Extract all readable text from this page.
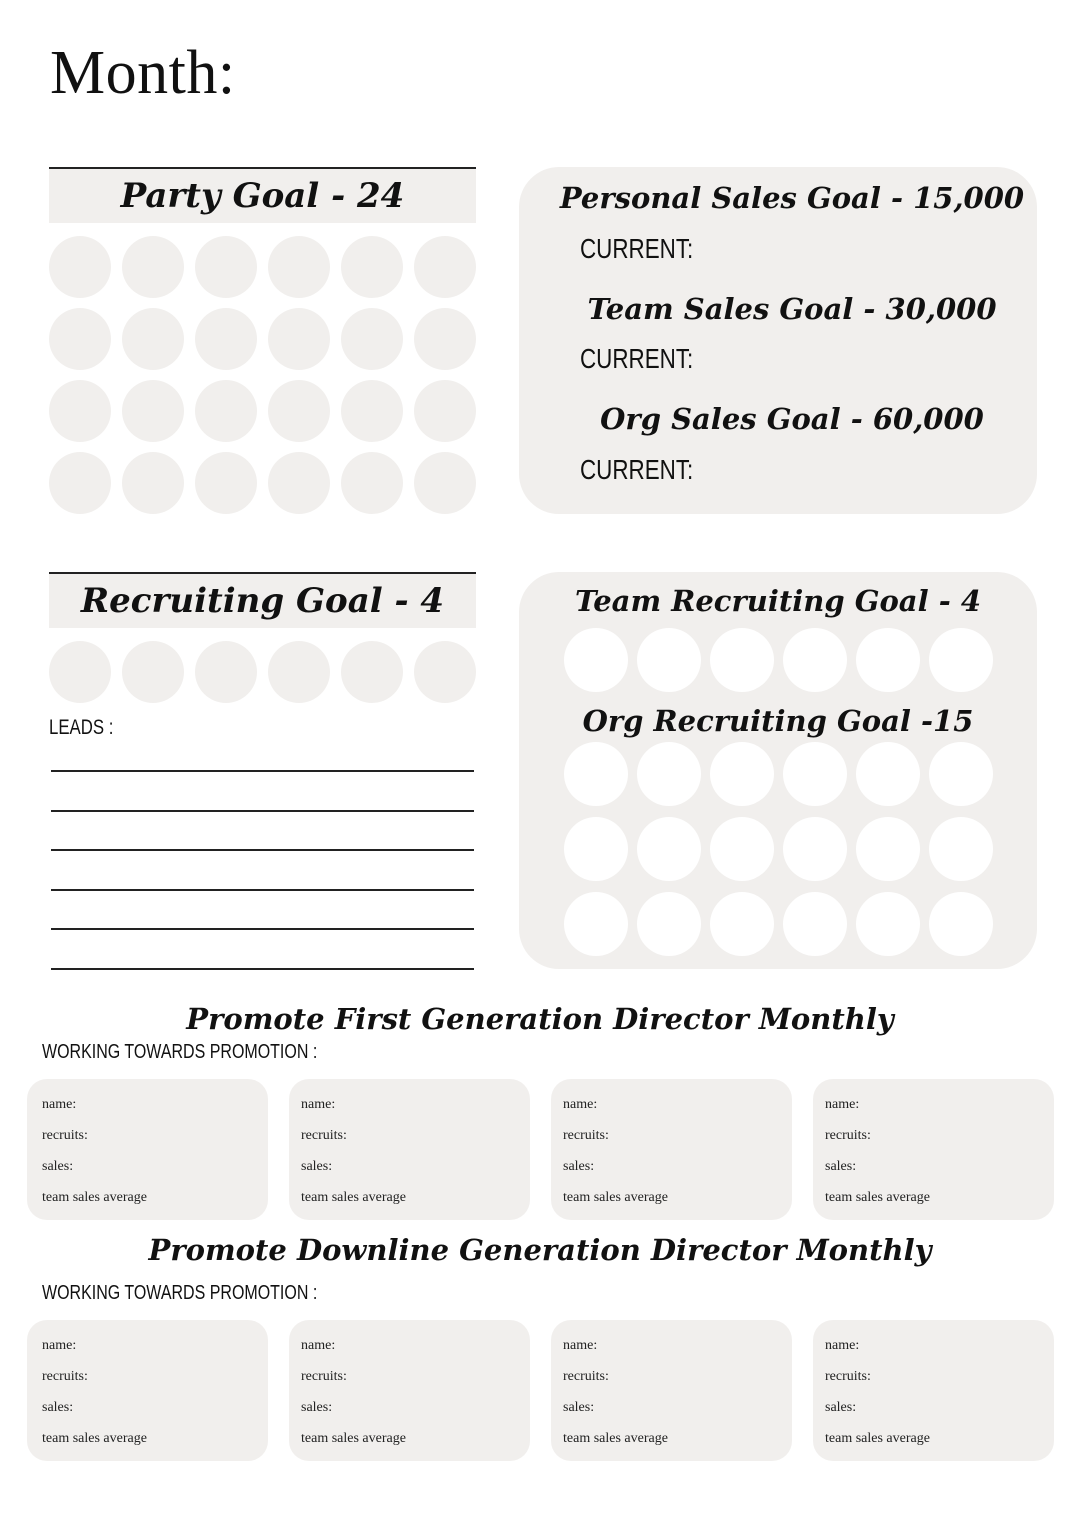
Month:
Party Goal - 24	Personal Sales Goal - 15,000
CURRENT:
Team Sales Goal - 30,000
CURRENT:
Org Sales Goal - 60,000
CURRENT:
Recruiting Goal - 4
LEADS :
Team Recruiting Goal - 4
Org Recruiting Goal -15
Promote First Generation Director Monthly
WORKING TOWARDS PROMOTION :
name:
recruits:
sales:
team sales average
name:
recruits:
sales:
team sales average
name:
recruits:
sales:
team sales average
name:
recruits:
sales:
team sales average
Promote Downline Generation Director Monthly
WORKING TOWARDS PROMOTION :
name:
recruits:
sales:
team sales average
name:
recruits:
sales:
team sales average
name:
recruits:
sales:
team sales average
name:
recruits:
sales:
team sales average
